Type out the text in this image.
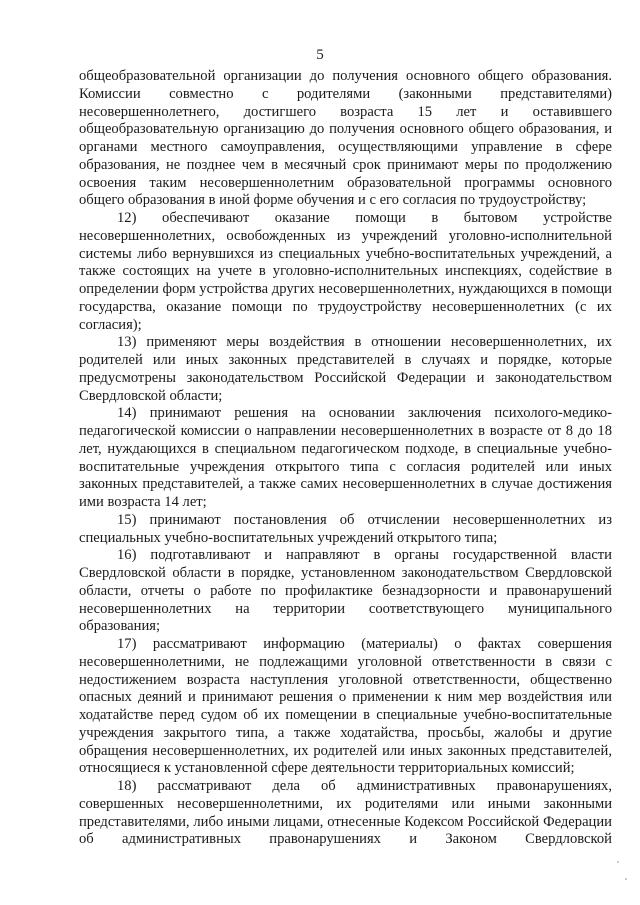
5

общеобразовательной организации до получения основного общего образования. Комиссии совместно с родителями (законными представителями) несовершеннолетнего, достигшего возраста 15 лет и оставившего общеобразовательную организацию до получения основного общего образования, и органами местного самоуправления, осуществляющими управление в сфере образования, не позднее чем в месячный срок принимают меры по продолжению освоения таким несовершеннолетним образовательной программы основного общего образования в иной форме обучения и с его согласия по трудоустройству;

12) обеспечивают оказание помощи в бытовом устройстве несовершеннолетних, освобожденных из учреждений уголовно-исполнительной системы либо вернувшихся из специальных учебно-воспитательных учреждений, а также состоящих на учете в уголовно-исполнительных инспекциях, содействие в определении форм устройства других несовершеннолетних, нуждающихся в помощи государства, оказание помощи по трудоустройству несовершеннолетних (с их согласия);

13) применяют меры воздействия в отношении несовершеннолетних, их родителей или иных законных представителей в случаях и порядке, которые предусмотрены законодательством Российской Федерации и законодательством Свердловской области;

14) принимают решения на основании заключения психолого-медико-педагогической комиссии о направлении несовершеннолетних в возрасте от 8 до 18 лет, нуждающихся в специальном педагогическом подходе, в специальные учебно-воспитательные учреждения открытого типа с согласия родителей или иных законных представителей, а также самих несовершеннолетних в случае достижения ими возраста 14 лет;

15) принимают постановления об отчислении несовершеннолетних из специальных учебно-воспитательных учреждений открытого типа;

16) подготавливают и направляют в органы государственной власти Свердловской области в порядке, установленном законодательством Свердловской области, отчеты о работе по профилактике безнадзорности и правонарушений несовершеннолетних на территории соответствующего муниципального образования;

17) рассматривают информацию (материалы) о фактах совершения несовершеннолетними, не подлежащими уголовной ответственности в связи с недостижением возраста наступления уголовной ответственности, общественно опасных деяний и принимают решения о применении к ним мер воздействия или ходатайстве перед судом об их помещении в специальные учебно-воспитательные учреждения закрытого типа, а также ходатайства, просьбы, жалобы и другие обращения несовершеннолетних, их родителей или иных законных представителей, относящиеся к установленной сфере деятельности территориальных комиссий;

18) рассматривают дела об административных правонарушениях, совершенных несовершеннолетними, их родителями или иными законными представителями, либо иными лицами, отнесенные Кодексом Российской Федерации об административных правонарушениях и Законом Свердловской
